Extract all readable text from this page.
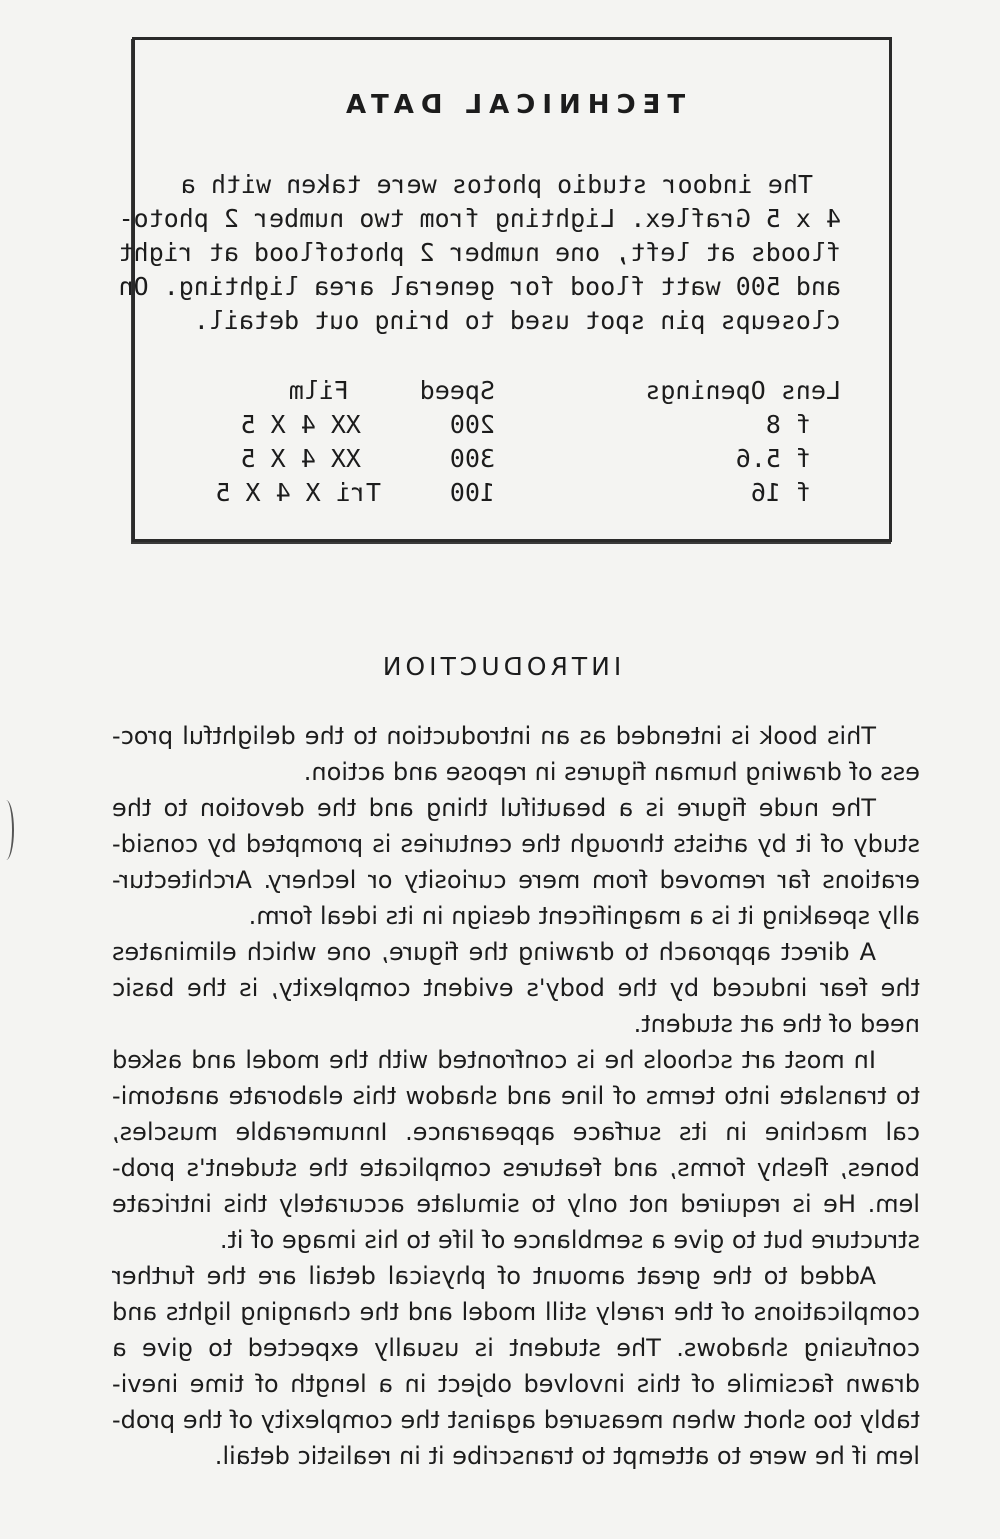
TECHNICAL DATA
The indoor studio photos were taken with a
4 x 5 Graflex. Lighting from two number 2 photo-
floods at left, one number 2 photoflood at right
and 500 watt flood for general area lighting. On
closeups pin spot used to bring out detail.
Lens Openings
Speed
Film
f 8
200
XX 4 X 5
f 5.6
300
XX 4 X 5
f 16
100
Tri X 4 X 5
INTRODUCTION
This book is intended as an introduction to the delightful proc-
ess of drawing human figures in repose and action.
The nude figure is a beautiful thing and the devotion to the
study of it by artists through the centuries is prompted by consid-
erations far removed from mere curiosity or lechery. Architectur-
ally speaking it is a magnificent design in its ideal form.
A direct approach to drawing the figure, one which eliminates
the fear induced by the body's evident complexity, is the basic
need of the art student.
In most art schools he is confronted with the model and asked
to translate into terms of line and shadow this elaborate anatomi-
cal machine in its surface appearance. Innumerable muscles,
bones, fleshy forms, and features complicate the student's prob-
lem. He is required not only to simulate accurately this intricate
structure but to give a semblance of life to his image of it.
Added to the great amount of physical detail are the further
complications of the rarely still model and the changing lights and
confusing shadows. The student is usually expected to give a
drawn facsimile of this involved object in a length of time inevi-
tably too short when measured against the complexity of the prob-
lem if he were to attempt to transcribe it in realistic detail.
